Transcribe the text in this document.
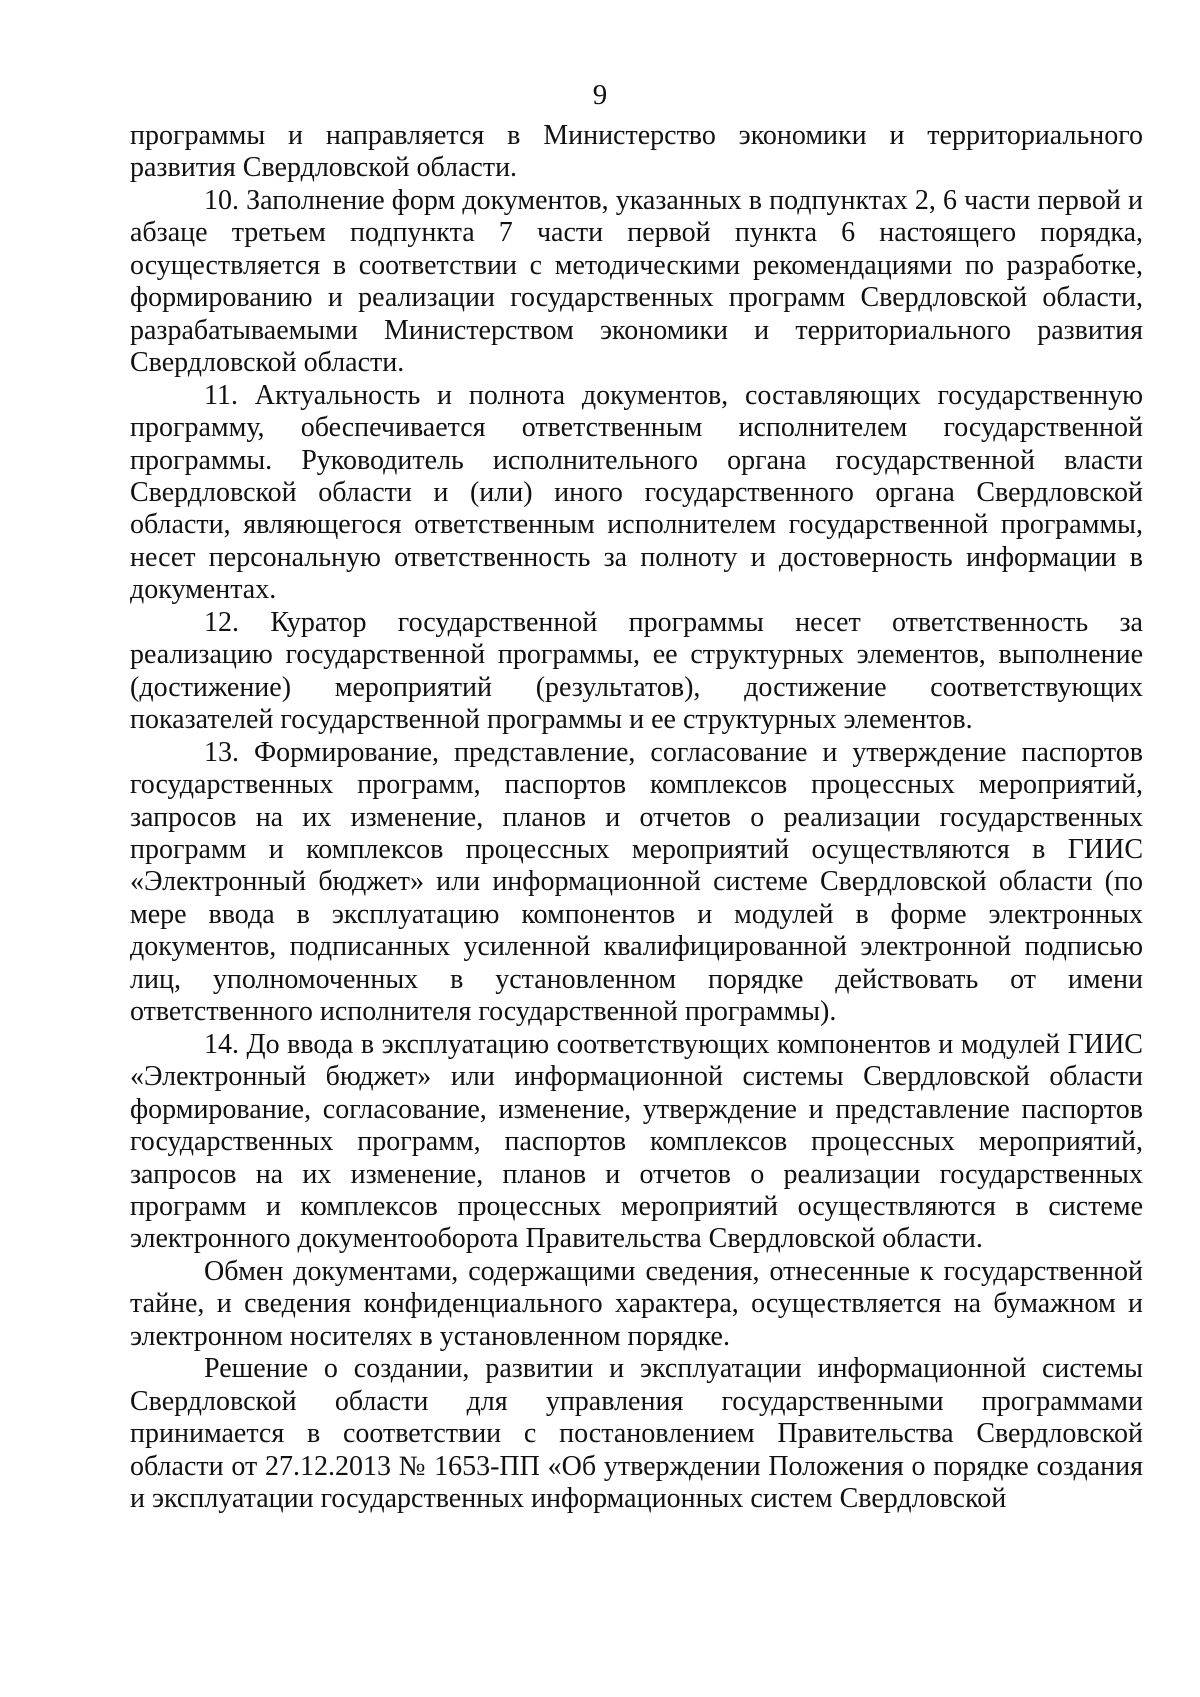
9

программы и направляется в Министерство экономики и территориального развития Свердловской области.

10. Заполнение форм документов, указанных в подпунктах 2, 6 части первой и абзаце третьем подпункта 7 части первой пункта 6 настоящего порядка, осуществляется в соответствии с методическими рекомендациями по разработке, формированию и реализации государственных программ Свердловской области, разрабатываемыми Министерством экономики и территориального развития Свердловской области.

11. Актуальность и полнота документов, составляющих государственную программу, обеспечивается ответственным исполнителем государственной программы. Руководитель исполнительного органа государственной власти Свердловской области и (или) иного государственного органа Свердловской области, являющегося ответственным исполнителем государственной программы, несет персональную ответственность за полноту и достоверность информации в документах.

12. Куратор государственной программы несет ответственность за реализацию государственной программы, ее структурных элементов, выполнение (достижение) мероприятий (результатов), достижение соответствующих показателей государственной программы и ее структурных элементов.

13. Формирование, представление, согласование и утверждение паспортов государственных программ, паспортов комплексов процессных мероприятий, запросов на их изменение, планов и отчетов о реализации государственных программ и комплексов процессных мероприятий осуществляются в ГИИС «Электронный бюджет» или информационной системе Свердловской области (по мере ввода в эксплуатацию компонентов и модулей в форме электронных документов, подписанных усиленной квалифицированной электронной подписью лиц, уполномоченных в установленном порядке действовать от имени ответственного исполнителя государственной программы).

14. До ввода в эксплуатацию соответствующих компонентов и модулей ГИИС «Электронный бюджет» или информационной системы Свердловской области формирование, согласование, изменение, утверждение и представление паспортов государственных программ, паспортов комплексов процессных мероприятий, запросов на их изменение, планов и отчетов о реализации государственных программ и комплексов процессных мероприятий осуществляются в системе электронного документооборота Правительства Свердловской области.

Обмен документами, содержащими сведения, отнесенные к государственной тайне, и сведения конфиденциального характера, осуществляется на бумажном и электронном носителях в установленном порядке.

Решение о создании, развитии и эксплуатации информационной системы Свердловской области для управления государственными программами принимается в соответствии с постановлением Правительства Свердловской области от 27.12.2013 № 1653-ПП «Об утверждении Положения о порядке создания и эксплуатации государственных информационных систем Свердловской
